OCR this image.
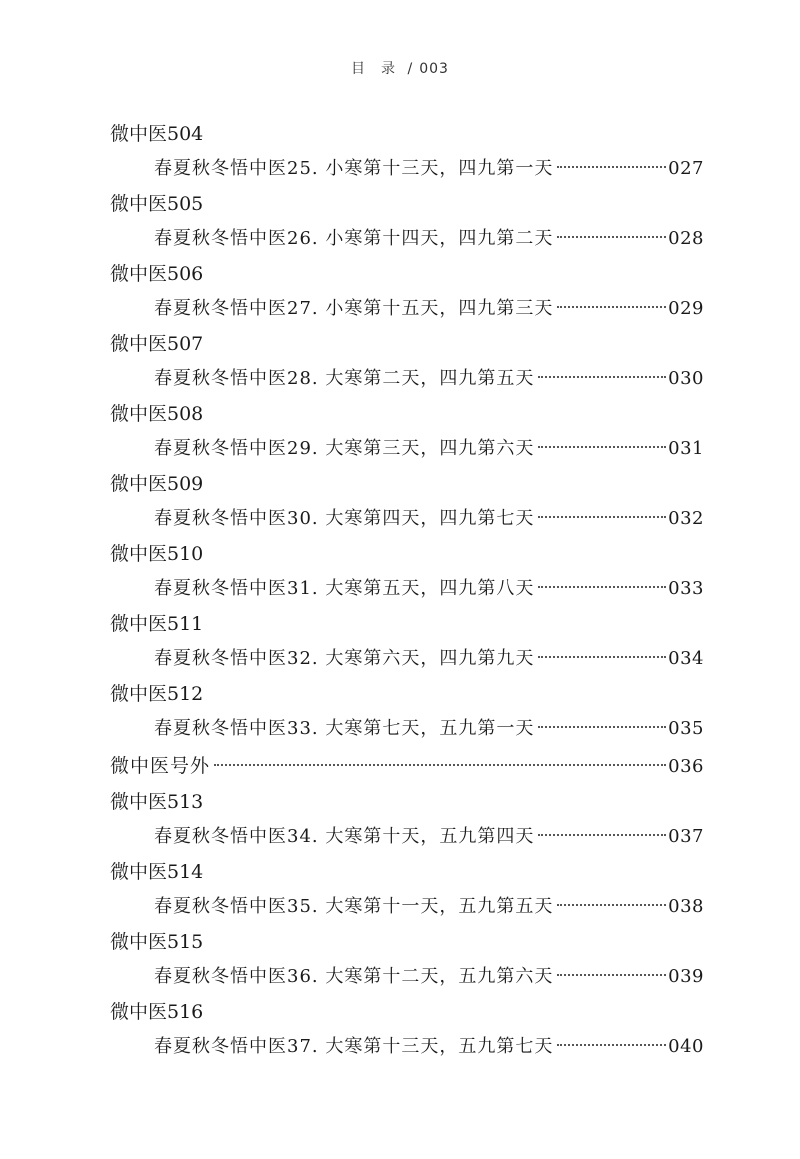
目　录 / 003
微中医504
春夏秋冬悟中医25. 小寒第十三天，四九第一天	027
微中医505
春夏秋冬悟中医26. 小寒第十四天，四九第二天	028
微中医506
春夏秋冬悟中医27. 小寒第十五天，四九第三天	029
微中医507
春夏秋冬悟中医28. 大寒第二天，四九第五天	030
微中医508
春夏秋冬悟中医29. 大寒第三天，四九第六天	031
微中医509
春夏秋冬悟中医30. 大寒第四天，四九第七天	032
微中医510
春夏秋冬悟中医31. 大寒第五天，四九第八天	033
微中医511
春夏秋冬悟中医32. 大寒第六天，四九第九天	034
微中医512
春夏秋冬悟中医33. 大寒第七天，五九第一天	035
微中医号外	036
微中医513
春夏秋冬悟中医34. 大寒第十天，五九第四天	037
微中医514
春夏秋冬悟中医35. 大寒第十一天，五九第五天	038
微中医515
春夏秋冬悟中医36. 大寒第十二天，五九第六天	039
微中医516
春夏秋冬悟中医37. 大寒第十三天，五九第七天	040
